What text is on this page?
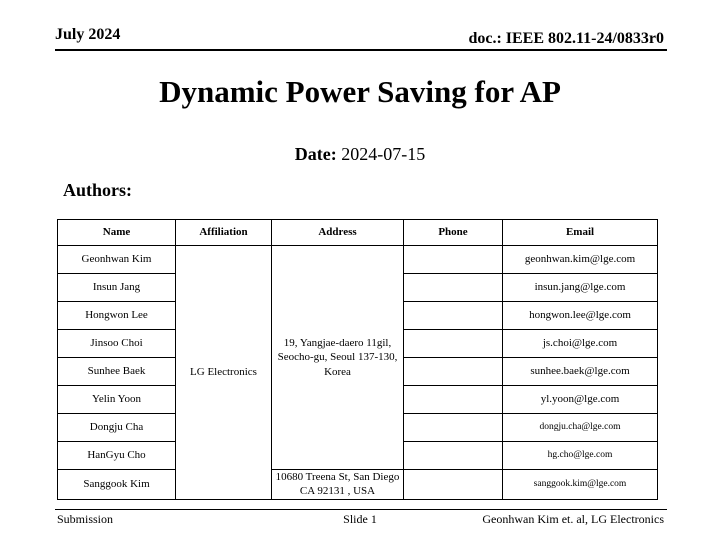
July 2024	doc.: IEEE 802.11-24/0833r0
Dynamic Power Saving for AP
Date: 2024-07-15
Authors:
Name	Affiliation	Address	Phone	Email
Geonhwan Kim	LG Electronics	19, Yangjae-daero 11gil, Seocho-gu, Seoul 137-130, Korea		geonhwan.kim@lge.com
Insun Jang				insun.jang@lge.com
Hongwon Lee				hongwon.lee@lge.com
Jinsoo Choi				js.choi@lge.com
Sunhee Baek				sunhee.baek@lge.com
Yelin Yoon				yl.yoon@lge.com
Dongju Cha				dongju.cha@lge.com
HanGyu Cho				hg.cho@lge.com
Sanggook Kim		10680 Treena St, San Diego CA 92131 , USA		sanggook.kim@lge.com
Submission	Slide 1	Geonhwan Kim et. al, LG Electronics
